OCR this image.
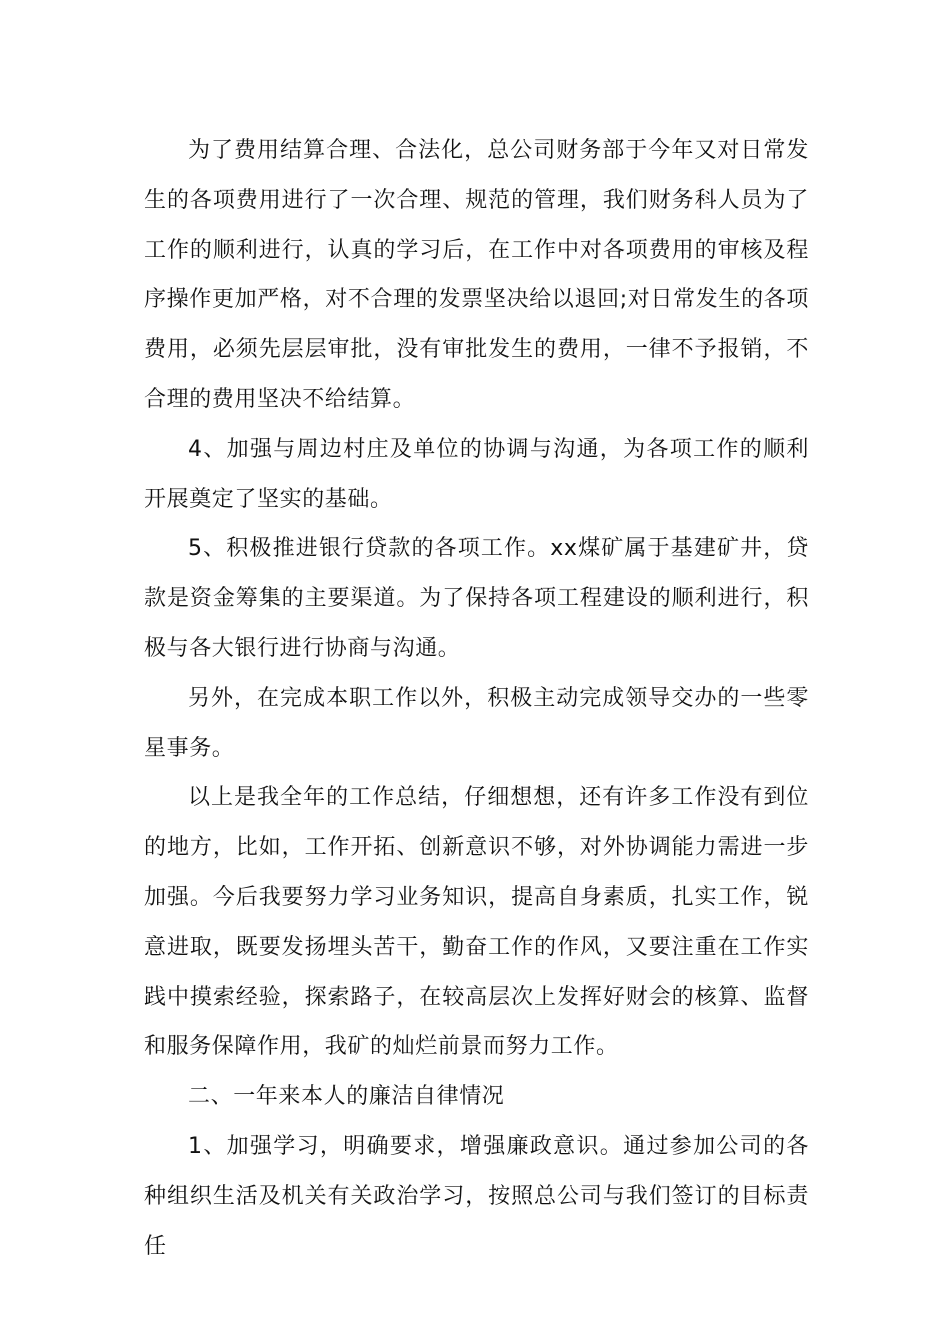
为了费用结算合理、合法化，总公司财务部于今年又对日常发生的各项费用进行了一次合理、规范的管理，我们财务科人员为了工作的顺利进行，认真的学习后，在工作中对各项费用的审核及程序操作更加严格，对不合理的发票坚决给以退回;对日常发生的各项费用，必须先层层审批，没有审批发生的费用，一律不予报销，不合理的费用坚决不给结算。

4、加强与周边村庄及单位的协调与沟通，为各项工作的顺利开展奠定了坚实的基础。

5、积极推进银行贷款的各项工作。xx煤矿属于基建矿井，贷款是资金筹集的主要渠道。为了保持各项工程建设的顺利进行，积极与各大银行进行协商与沟通。

另外，在完成本职工作以外，积极主动完成领导交办的一些零星事务。

以上是我全年的工作总结，仔细想想，还有许多工作没有到位的地方，比如，工作开拓、创新意识不够，对外协调能力需进一步加强。今后我要努力学习业务知识，提高自身素质，扎实工作，锐意进取，既要发扬埋头苦干，勤奋工作的作风，又要注重在工作实践中摸索经验，探索路子，在较高层次上发挥好财会的核算、监督和服务保障作用，我矿的灿烂前景而努力工作。

二、一年来本人的廉洁自律情况

1、加强学习，明确要求，增强廉政意识。通过参加公司的各种组织生活及机关有关政治学习，按照总公司与我们签订的目标责任
